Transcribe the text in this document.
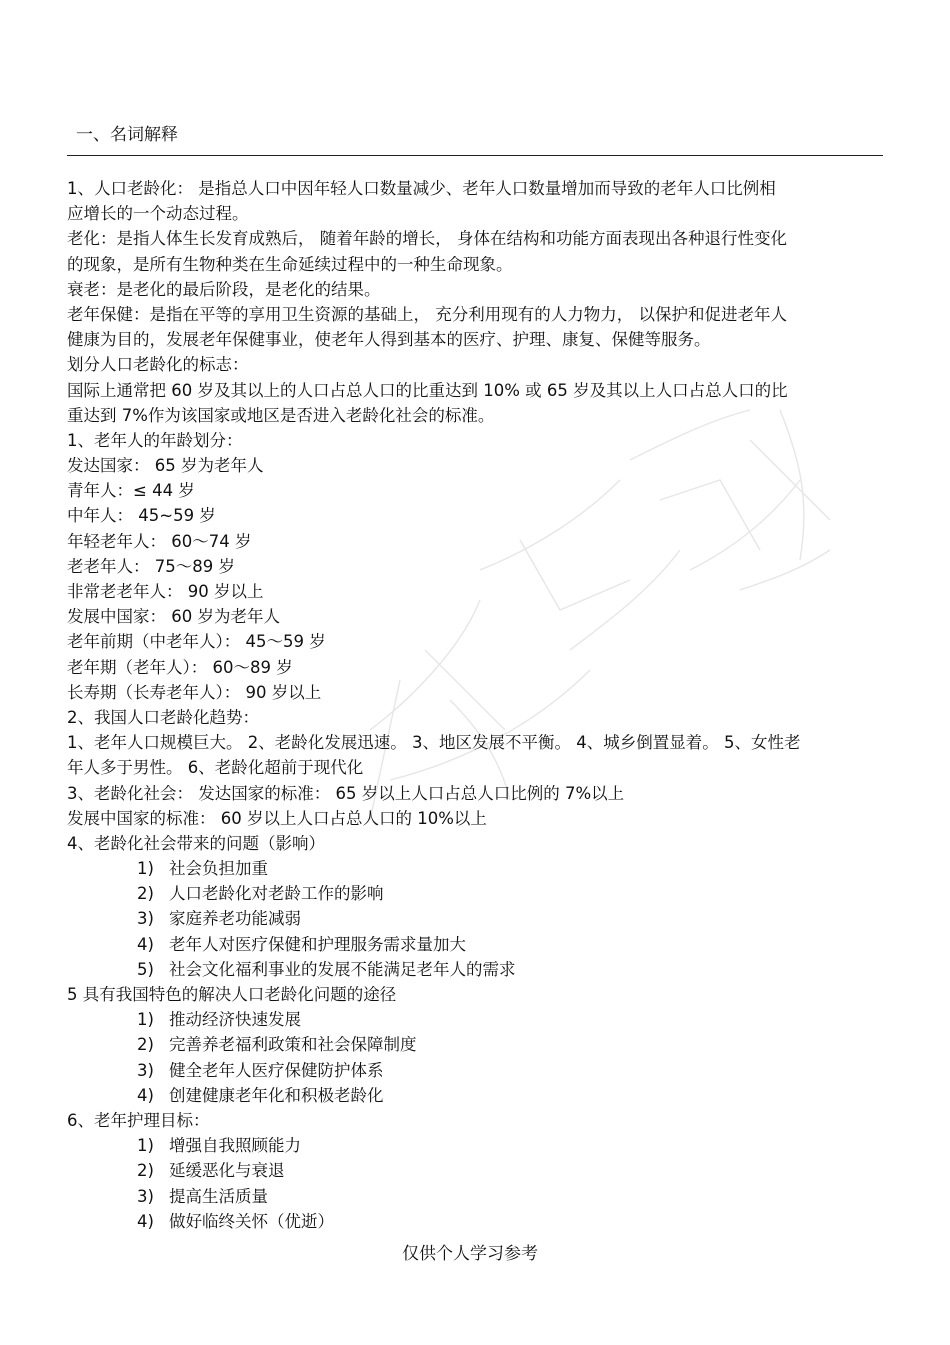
一、名词解释
1、人口老龄化： 是指总人口中因年轻人口数量减少、老年人口数量增加而导致的老年人口比例相
应增长的一个动态过程。
老化：是指人体生长发育成熟后， 随着年龄的增长， 身体在结构和功能方面表现出各种退行性变化
的现象，是所有生物种类在生命延续过程中的一种生命现象。
衰老：是老化的最后阶段，是老化的结果。
老年保健：是指在平等的享用卫生资源的基础上， 充分利用现有的人力物力， 以保护和促进老年人
健康为目的，发展老年保健事业，使老年人得到基本的医疗、护理、康复、保健等服务。
划分人口老龄化的标志：
国际上通常把 60 岁及其以上的人口占总人口的比重达到 10% 或 65 岁及其以上人口占总人口的比
重达到 7%作为该国家或地区是否进入老龄化社会的标准。
1、老年人的年龄划分：
发达国家： 65 岁为老年人
青年人：≤ 44 岁
中年人： 45~59 岁
年轻老年人： 60～74 岁
老老年人： 75～89 岁
非常老老年人： 90 岁以上
发展中国家： 60 岁为老年人
老年前期（中老年人）： 45～59 岁
老年期（老年人）： 60～89 岁
长寿期（长寿老年人）： 90 岁以上
2、我国人口老龄化趋势：
1、老年人口规模巨大。 2、老龄化发展迅速。 3、地区发展不平衡。 4、城乡倒置显着。 5、女性老
年人多于男性。 6、老龄化超前于现代化
3、老龄化社会： 发达国家的标准： 65 岁以上人口占总人口比例的 7%以上
发展中国家的标准： 60 岁以上人口占总人口的 10%以上
4、老龄化社会带来的问题（影响）
1) 社会负担加重
2) 人口老龄化对老龄工作的影响
3) 家庭养老功能减弱
4) 老年人对医疗保健和护理服务需求量加大
5) 社会文化福利事业的发展不能满足老年人的需求
5 具有我国特色的解决人口老龄化问题的途径
1) 推动经济快速发展
2) 完善养老福利政策和社会保障制度
3) 健全老年人医疗保健防护体系
4) 创建健康老年化和积极老龄化
6、老年护理目标：
1) 增强自我照顾能力
2) 延缓恶化与衰退
3) 提高生活质量
4) 做好临终关怀（优逝）
仅供个人学习参考
